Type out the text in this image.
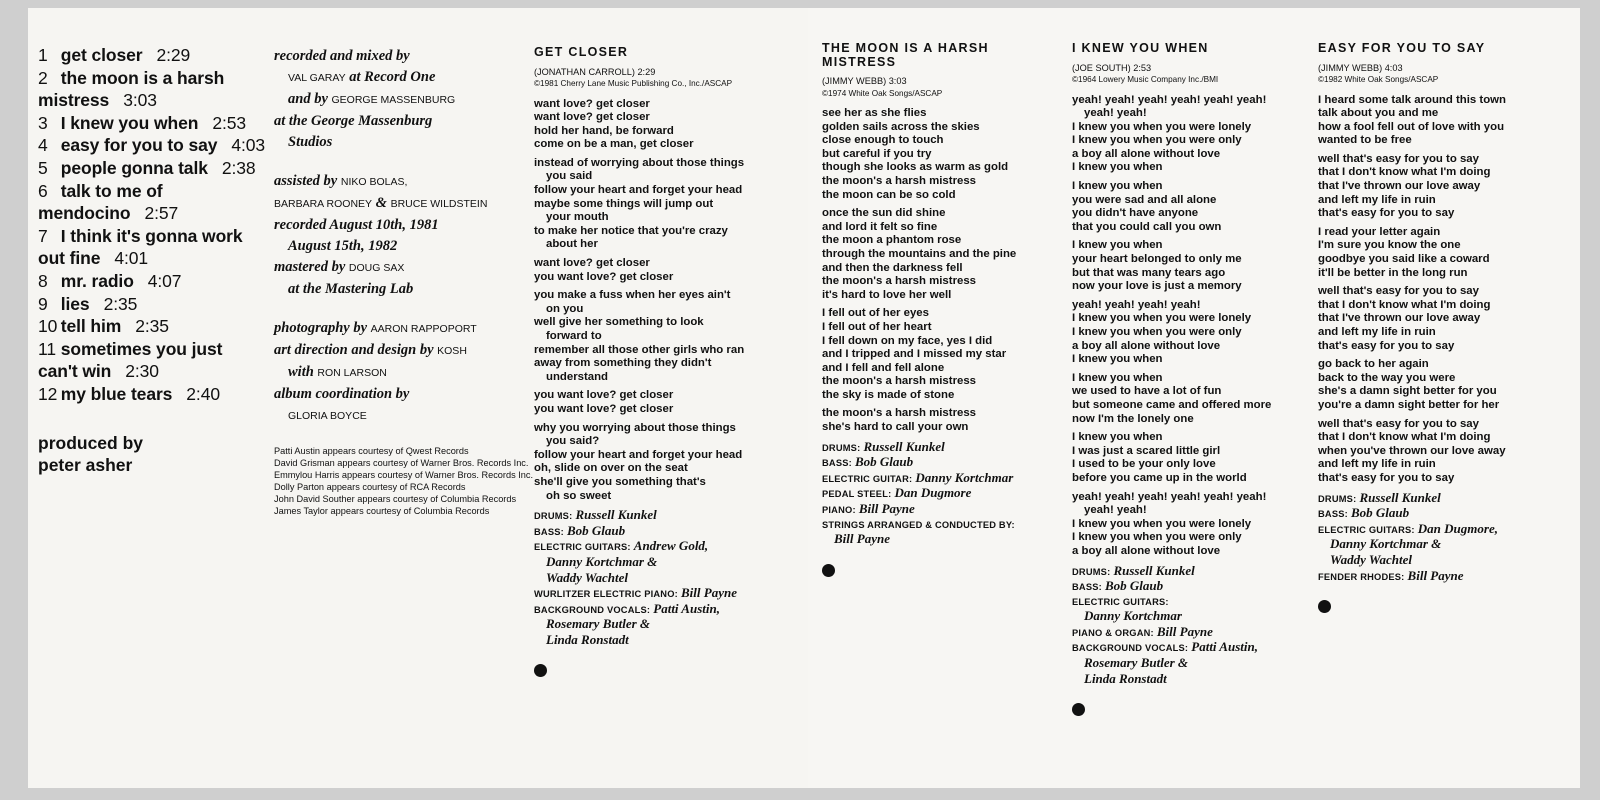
1 get closer 2:29
2 the moon is a harsh mistress 3:03
3 I knew you when 2:53
4 easy for you to say 4:03
5 people gonna talk 2:38
6 talk to me of mendocino 2:57
7 I think it's gonna work out fine 4:01
8 mr. radio 4:07
9 lies 2:35
10 tell him 2:35
11 sometimes you just can't win 2:30
12 my blue tears 2:40
produced by
peter asher
recorded and mixed by
VAL GARAY at Record One
and by GEORGE MASSENBURG
at the George Massenburg
Studios
assisted by NIKO BOLAS,
BARBARA ROONEY & BRUCE WILDSTEIN
recorded August 10th, 1981
August 15th, 1982
mastered by DOUG SAX
at the Mastering Lab
photography by AARON RAPPOPORT
art direction and design by KOSH
with RON LARSON
album coordination by
GLORIA BOYCE
Patti Austin appears courtesy of Qwest Records
David Grisman appears courtesy of Warner Bros. Records Inc.
Emmylou Harris appears courtesy of Warner Bros. Records Inc.
Dolly Parton appears courtesy of RCA Records
John David Souther appears courtesy of Columbia Records
James Taylor appears courtesy of Columbia Records
GET CLOSER
(JONATHAN CARROLL) 2:29
©1981 Cherry Lane Music Publishing Co., Inc./ASCAP
want love? get closer
want love? get closer
hold her hand, be forward
come on be a man, get closer
instead of worrying about those things
you said
follow your heart and forget your head
maybe some things will jump out
your mouth
to make her notice that you're crazy
about her
want love? get closer
you want love? get closer
you make a fuss when her eyes ain't
on you
well give her something to look
forward to
remember all those other girls who ran
away from something they didn't
understand
you want love? get closer
you want love? get closer
why you worrying about those things
you said?
follow your heart and forget your head
oh, slide on over on the seat
she'll give you something that's
oh so sweet
DRUMS: Russell Kunkel
BASS: Bob Glaub
ELECTRIC GUITARS: Andrew Gold,
Danny Kortchmar &
Waddy Wachtel
WURLITZER ELECTRIC PIANO: Bill Payne
BACKGROUND VOCALS: Patti Austin,
Rosemary Butler &
Linda Ronstadt
THE MOON IS A HARSH MISTRESS
(JIMMY WEBB) 3:03
©1974 White Oak Songs/ASCAP
see her as she flies
golden sails across the skies
close enough to touch
but careful if you try
though she looks as warm as gold
the moon's a harsh mistress
the moon can be so cold
once the sun did shine
and lord it felt so fine
the moon a phantom rose
through the mountains and the pine
and then the darkness fell
the moon's a harsh mistress
it's hard to love her well
I fell out of her eyes
I fell out of her heart
I fell down on my face, yes I did
and I tripped and I missed my star
and I fell and fell alone
the moon's a harsh mistress
the sky is made of stone
the moon's a harsh mistress
she's hard to call your own
DRUMS: Russell Kunkel
BASS: Bob Glaub
ELECTRIC GUITAR: Danny Kortchmar
PEDAL STEEL: Dan Dugmore
PIANO: Bill Payne
STRINGS ARRANGED & CONDUCTED BY:
Bill Payne
I KNEW YOU WHEN
(JOE SOUTH) 2:53
©1964 Lowery Music Company Inc./BMI
yeah! yeah! yeah! yeah! yeah! yeah!
yeah! yeah!
I knew you when you were lonely
I knew you when you were only
a boy all alone without love
I knew you when
I knew you when
you were sad and all alone
you didn't have anyone
that you could call you own
I knew you when
your heart belonged to only me
but that was many tears ago
now your love is just a memory
yeah! yeah! yeah! yeah!
I knew you when you were lonely
I knew you when you were only
a boy all alone without love
I knew you when
I knew you when
we used to have a lot of fun
but someone came and offered more
now I'm the lonely one
I knew you when
I was just a scared little girl
I used to be your only love
before you came up in the world
yeah! yeah! yeah! yeah! yeah! yeah!
yeah! yeah!
I knew you when you were lonely
I knew you when you were only
a boy all alone without love
DRUMS: Russell Kunkel
BASS: Bob Glaub
ELECTRIC GUITARS:
Danny Kortchmar
PIANO & ORGAN: Bill Payne
BACKGROUND VOCALS: Patti Austin,
Rosemary Butler &
Linda Ronstadt
EASY FOR YOU TO SAY
(JIMMY WEBB) 4:03
©1982 White Oak Songs/ASCAP
I heard some talk around this town
talk about you and me
how a fool fell out of love with you
wanted to be free
well that's easy for you to say
that I don't know what I'm doing
that I've thrown our love away
and left my life in ruin
that's easy for you to say
I read your letter again
I'm sure you know the one
goodbye you said like a coward
it'll be better in the long run
well that's easy for you to say
that I don't know what I'm doing
that I've thrown our love away
and left my life in ruin
that's easy for you to say
go back to her again
back to the way you were
she's a damn sight better for you
you're a damn sight better for her
well that's easy for you to say
that I don't know what I'm doing
when you've thrown our love away
and left my life in ruin
that's easy for you to say
DRUMS: Russell Kunkel
BASS: Bob Glaub
ELECTRIC GUITARS: Dan Dugmore,
Danny Kortchmar &
Waddy Wachtel
FENDER RHODES: Bill Payne
